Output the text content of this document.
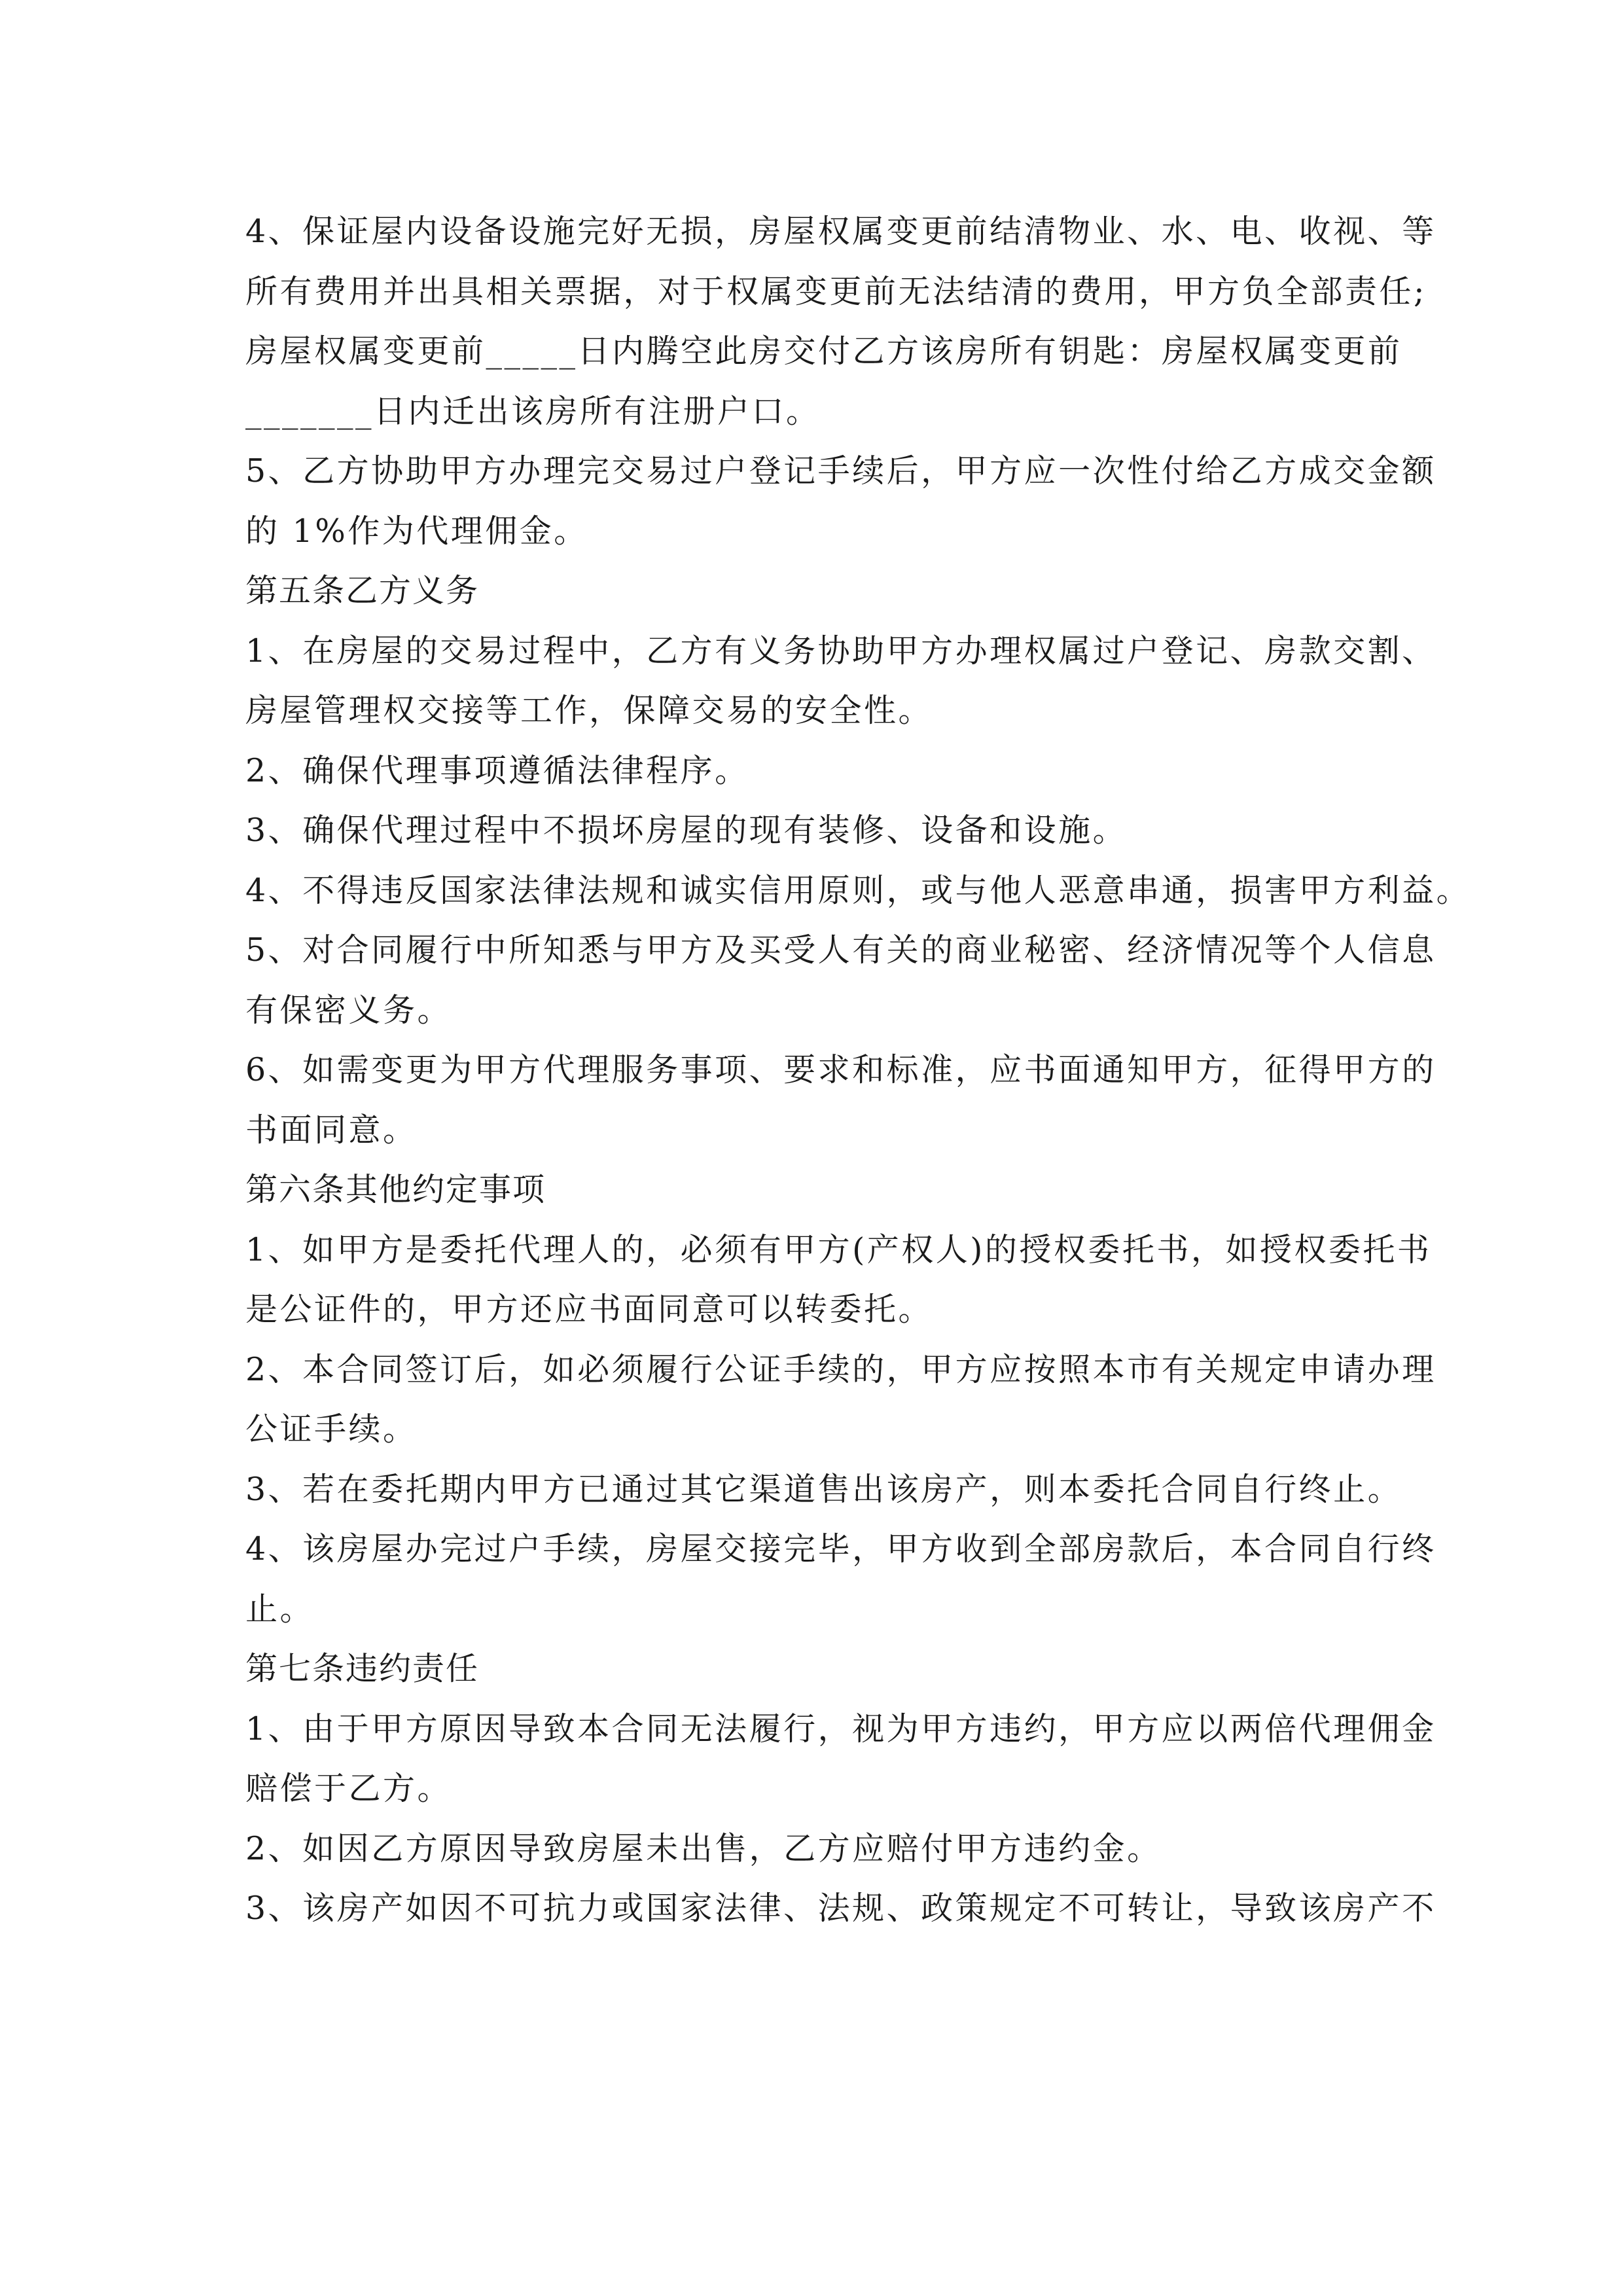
4、保证屋内设备设施完好无损，房屋权属变更前结清物业、水、电、收视、等
所有费用并出具相关票据，对于权属变更前无法结清的费用，甲方负全部责任;
房屋权属变更前_____日内腾空此房交付乙方该房所有钥匙：房屋权属变更前
_______日内迁出该房所有注册户口。

5、乙方协助甲方办理完交易过户登记手续后，甲方应一次性付给乙方成交金额
的 1%作为代理佣金。

第五条乙方义务

1、在房屋的交易过程中，乙方有义务协助甲方办理权属过户登记、房款交割、
房屋管理权交接等工作，保障交易的安全性。

2、确保代理事项遵循法律程序。

3、确保代理过程中不损坏房屋的现有装修、设备和设施。

4、不得违反国家法律法规和诚实信用原则，或与他人恶意串通，损害甲方利益。

5、对合同履行中所知悉与甲方及买受人有关的商业秘密、经济情况等个人信息
有保密义务。

6、如需变更为甲方代理服务事项、要求和标准，应书面通知甲方，征得甲方的
书面同意。

第六条其他约定事项

1、如甲方是委托代理人的，必须有甲方(产权人)的授权委托书，如授权委托书
是公证件的，甲方还应书面同意可以转委托。

2、本合同签订后，如必须履行公证手续的，甲方应按照本市有关规定申请办理
公证手续。

3、若在委托期内甲方已通过其它渠道售出该房产，则本委托合同自行终止。

4、该房屋办完过户手续，房屋交接完毕，甲方收到全部房款后，本合同自行终
止。

第七条违约责任

1、由于甲方原因导致本合同无法履行，视为甲方违约，甲方应以两倍代理佣金
赔偿于乙方。

2、如因乙方原因导致房屋未出售，乙方应赔付甲方违约金。

3、该房产如因不可抗力或国家法律、法规、政策规定不可转让，导致该房产不
